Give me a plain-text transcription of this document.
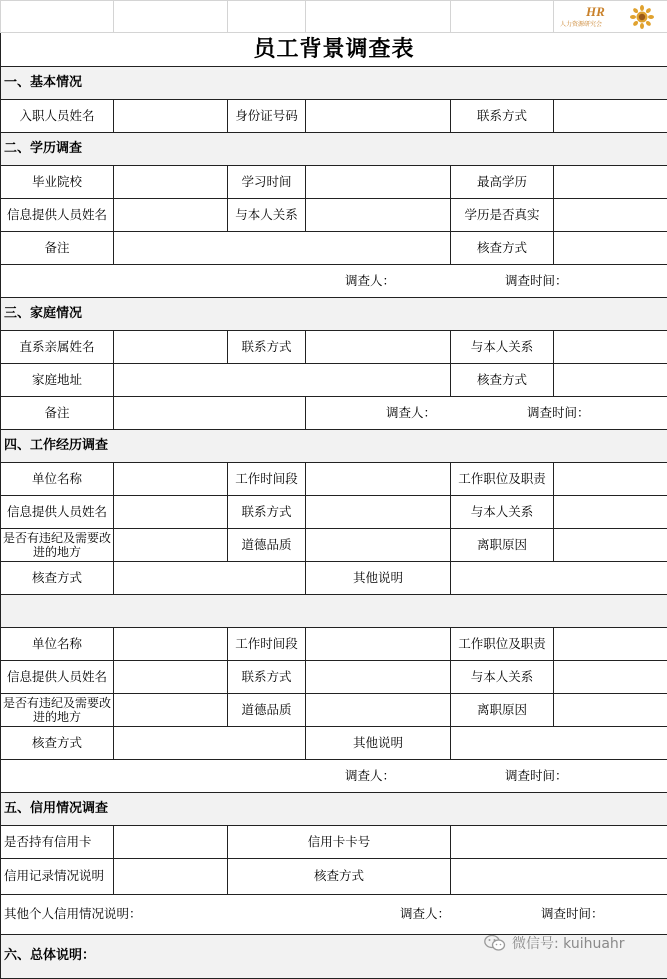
员工背景调查表					
一、基本情况					
入职人员姓名		身份证号码		联系方式	
二、学历调查					
毕业院校		学习时间		最高学历	
信息提供人员姓名		与本人关系		学历是否真实	
备注				核查方式	
调查人：				调查时间：	
三、家庭情况					
直系亲属姓名		联系方式		与本人关系	
家庭地址				核查方式	
备注			调查人：	调查时间：	
四、工作经历调查					
单位名称		工作时间段		工作职位及职责	
信息提供人员姓名		联系方式		与本人关系	
是否有违纪及需要改进的地方		道德品质		离职原因	
核查方式			其他说明		

单位名称		工作时间段		工作职位及职责	
信息提供人员姓名		联系方式		与本人关系	
是否有违纪及需要改进的地方		道德品质		离职原因	
核查方式			其他说明		
调查人：				调查时间：	
五、信用情况调查					
是否持有信用卡		信用卡卡号			
信用记录情况说明		核查方式			
其他个人信用情况说明：			调查人：	调查时间：	
六、总体说明：					
HR
人力资源研究会
微信号: kuihuahr
